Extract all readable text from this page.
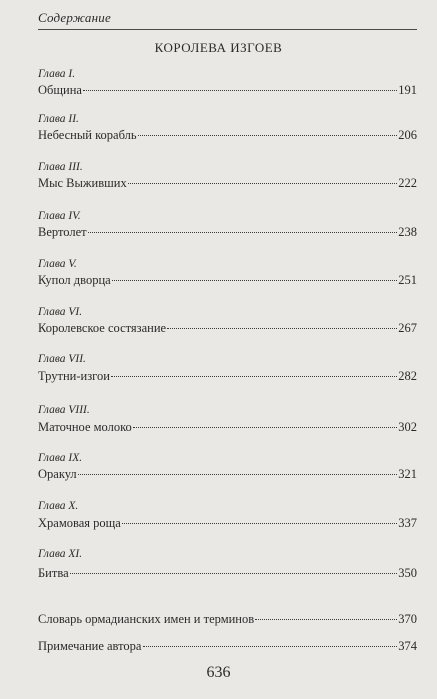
Содержание
КОРОЛЕВА ИЗГОЕВ
Глава I.
Община	191
Глава II.
Небесный корабль	206
Глава III.
Мыс Выживших	222
Глава IV.
Вертолет	238
Глава V.
Купол дворца	251
Глава VI.
Королевское состязание	267
Глава VII.
Трутни-изгои	282
Глава VIII.
Маточное молоко	302
Глава IX.
Оракул	321
Глава X.
Храмовая роща	337
Глава XI.
Битва	350
Словарь ормадианских имен и терминов	370
Примечание автора	374
636
